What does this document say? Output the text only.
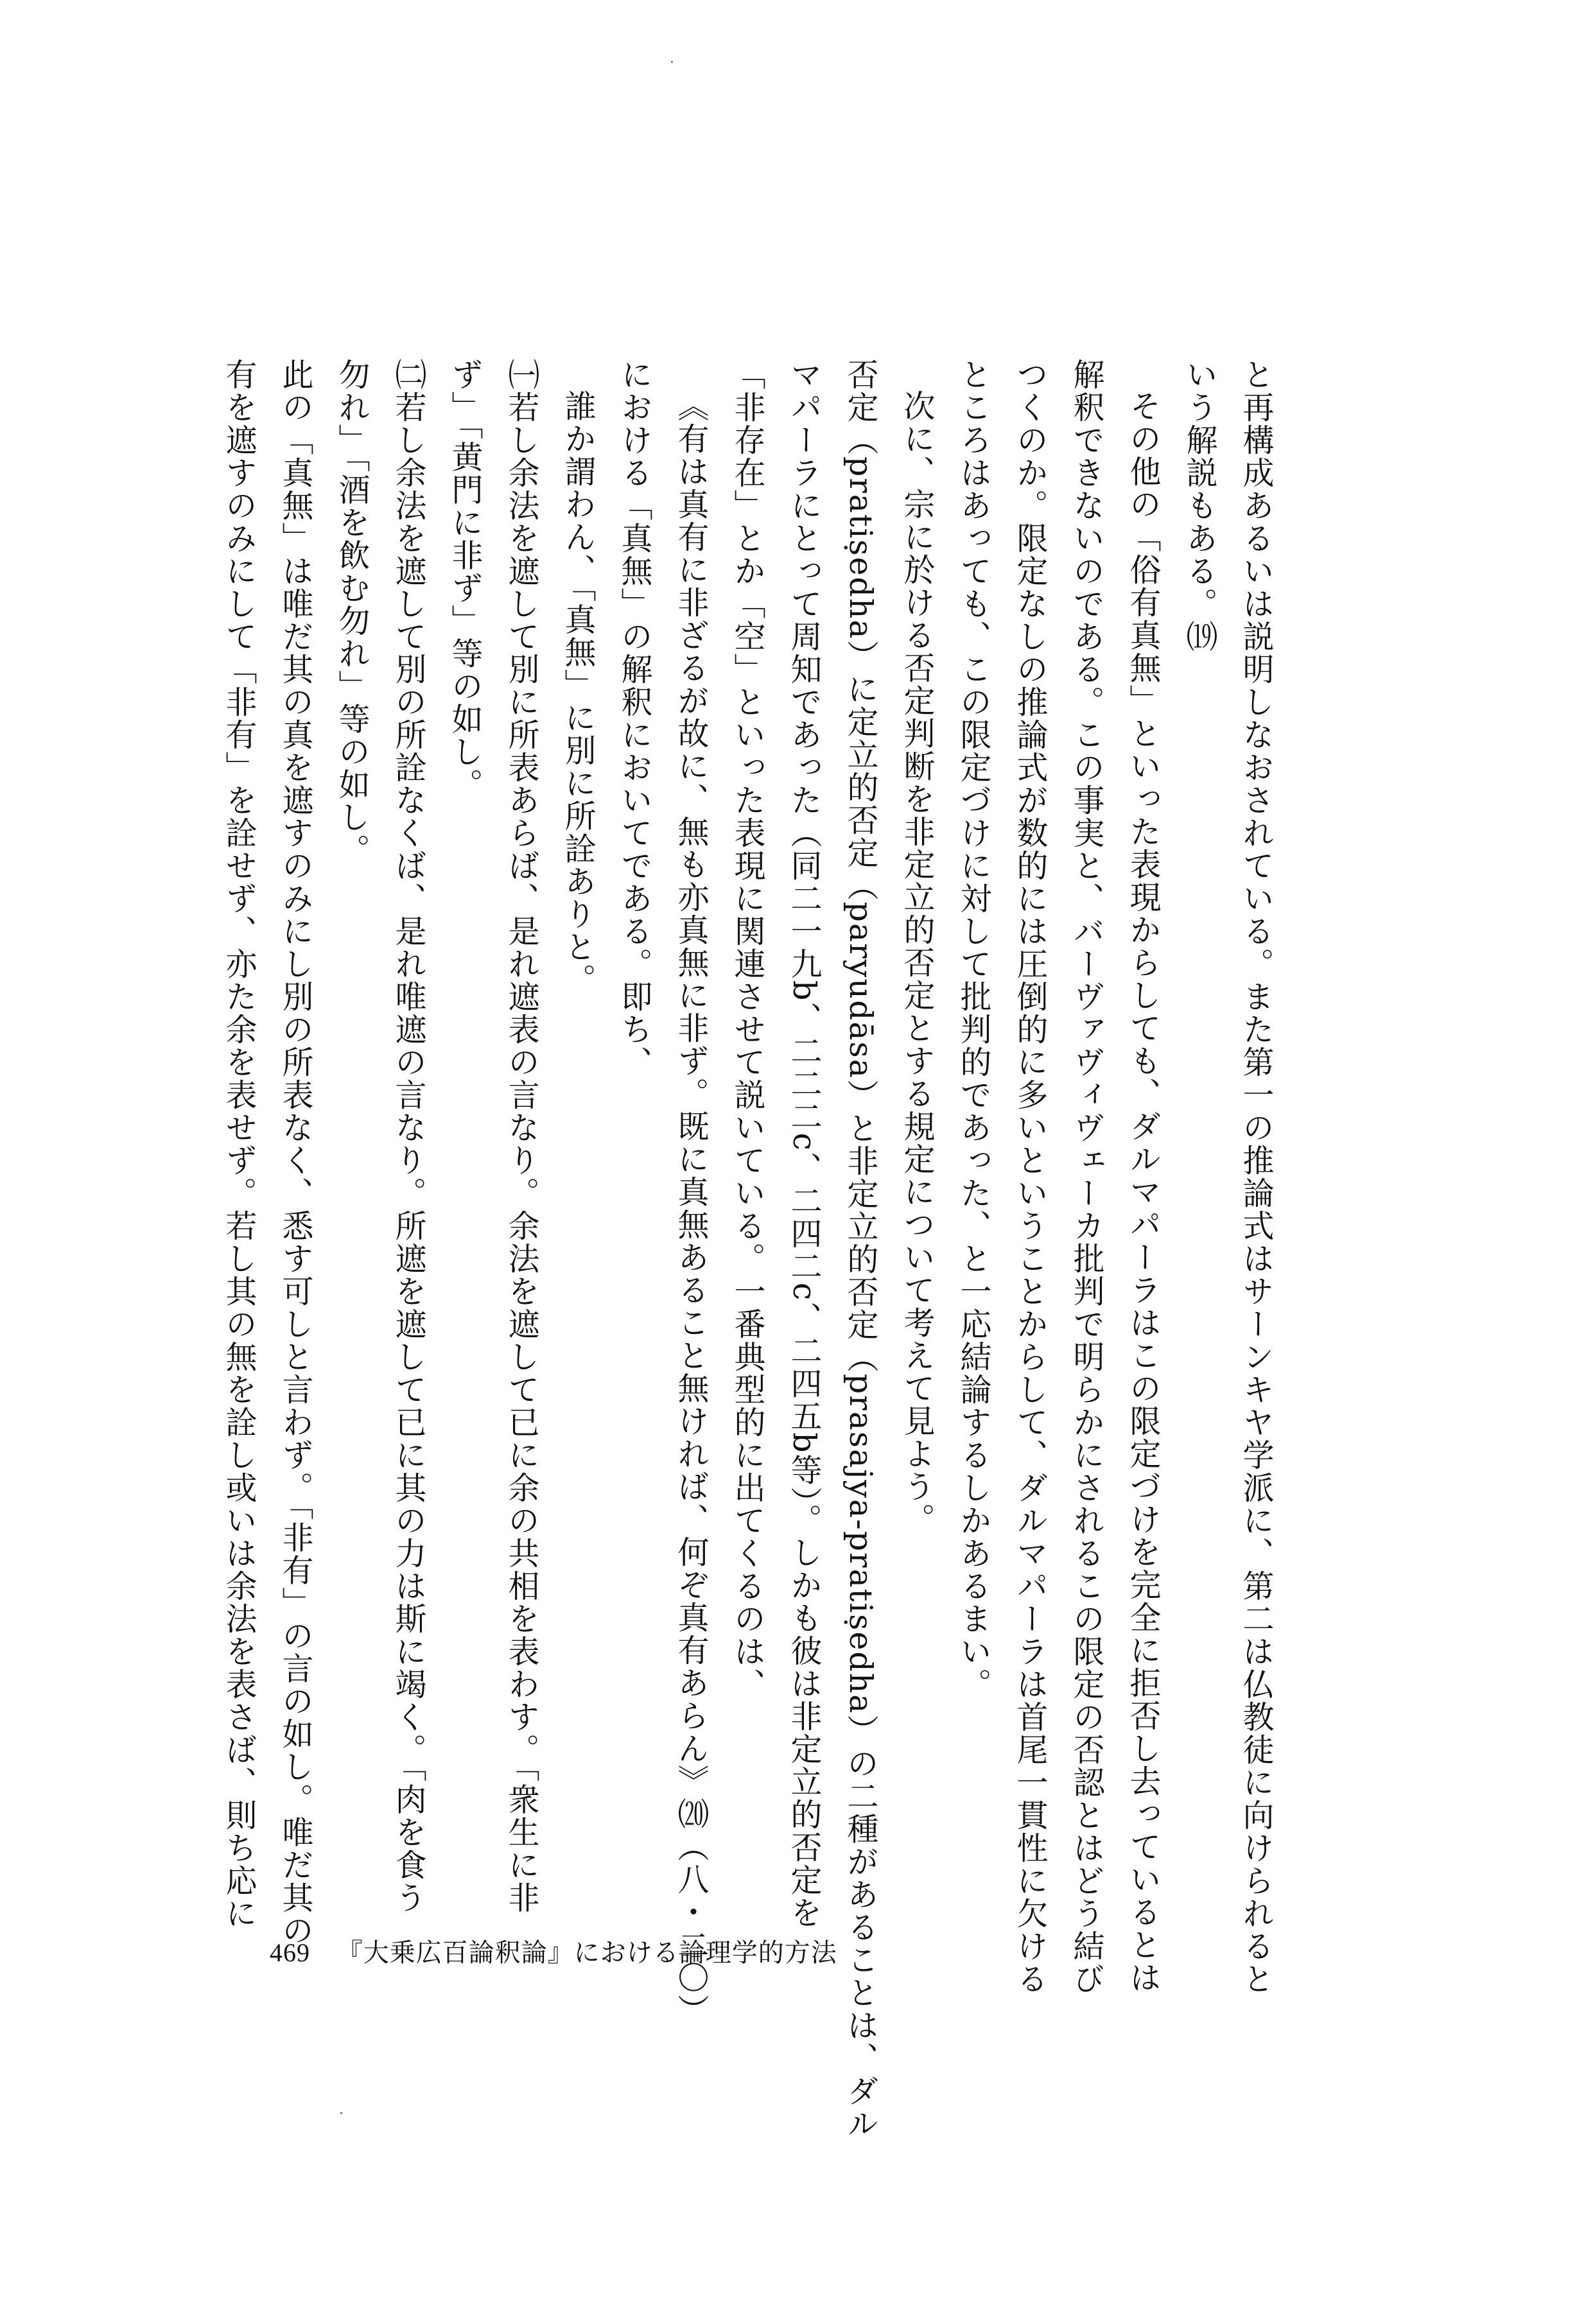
と再構成あるいは説明しなおされている。また第一の推論式はサーンキヤ学派に、第二は仏教徒に向けられると

いう解説もある。⒆

その他の「俗有真無」といった表現からしても、ダルマパーラはこの限定づけを完全に拒否し去っているとは

解釈できないのである。この事実と、バーヴァヴィヴェーカ批判で明らかにされるこの限定の否認とはどう結び

つくのか。限定なしの推論式が数的には圧倒的に多いということからして、ダルマパーラは首尾一貫性に欠ける

ところはあっても、この限定づけに対して批判的であった、と一応結論するしかあるまい。

次に、宗に於ける否定判断を非定立的否定とする規定について考えて見よう。

否定（pratiṣedha）に定立的否定（paryudāsa）と非定立的否定（prasajya-pratiṣedha）の二種があることは、ダル

マパーラにとって周知であった（同二一九b、二二二c、二四二c、二四五b等）。しかも彼は非定立的否定を

「非存在」とか「空」といった表現に関連させて説いている。一番典型的に出てくるのは、

《有は真有に非ざるが故に、無も亦真無に非ず。既に真無あること無ければ、何ぞ真有あらん》⒇（八・二〇）

における「真無」の解釈においてである。即ち、

誰か謂わん、「真無」に別に所詮ありと。

㈠若し余法を遮して別に所表あらば、是れ遮表の言なり。余法を遮して已に余の共相を表わす。「衆生に非

ず」「黄門に非ず」等の如し。

㈡若し余法を遮して別の所詮なくば、是れ唯遮の言なり。所遮を遮して已に其の力は斯に竭く。「肉を食う

勿れ」「酒を飲む勿れ」等の如し。

此の「真無」は唯だ其の真を遮すのみにし別の所表なく、悉す可しと言わず。「非有」の言の如し。唯だ其の

有を遮すのみにして「非有」を詮せず、亦た余を表せず。若し其の無を詮し或いは余法を表さば、則ち応に

469 『大乗広百論釈論』における論理学的方法
